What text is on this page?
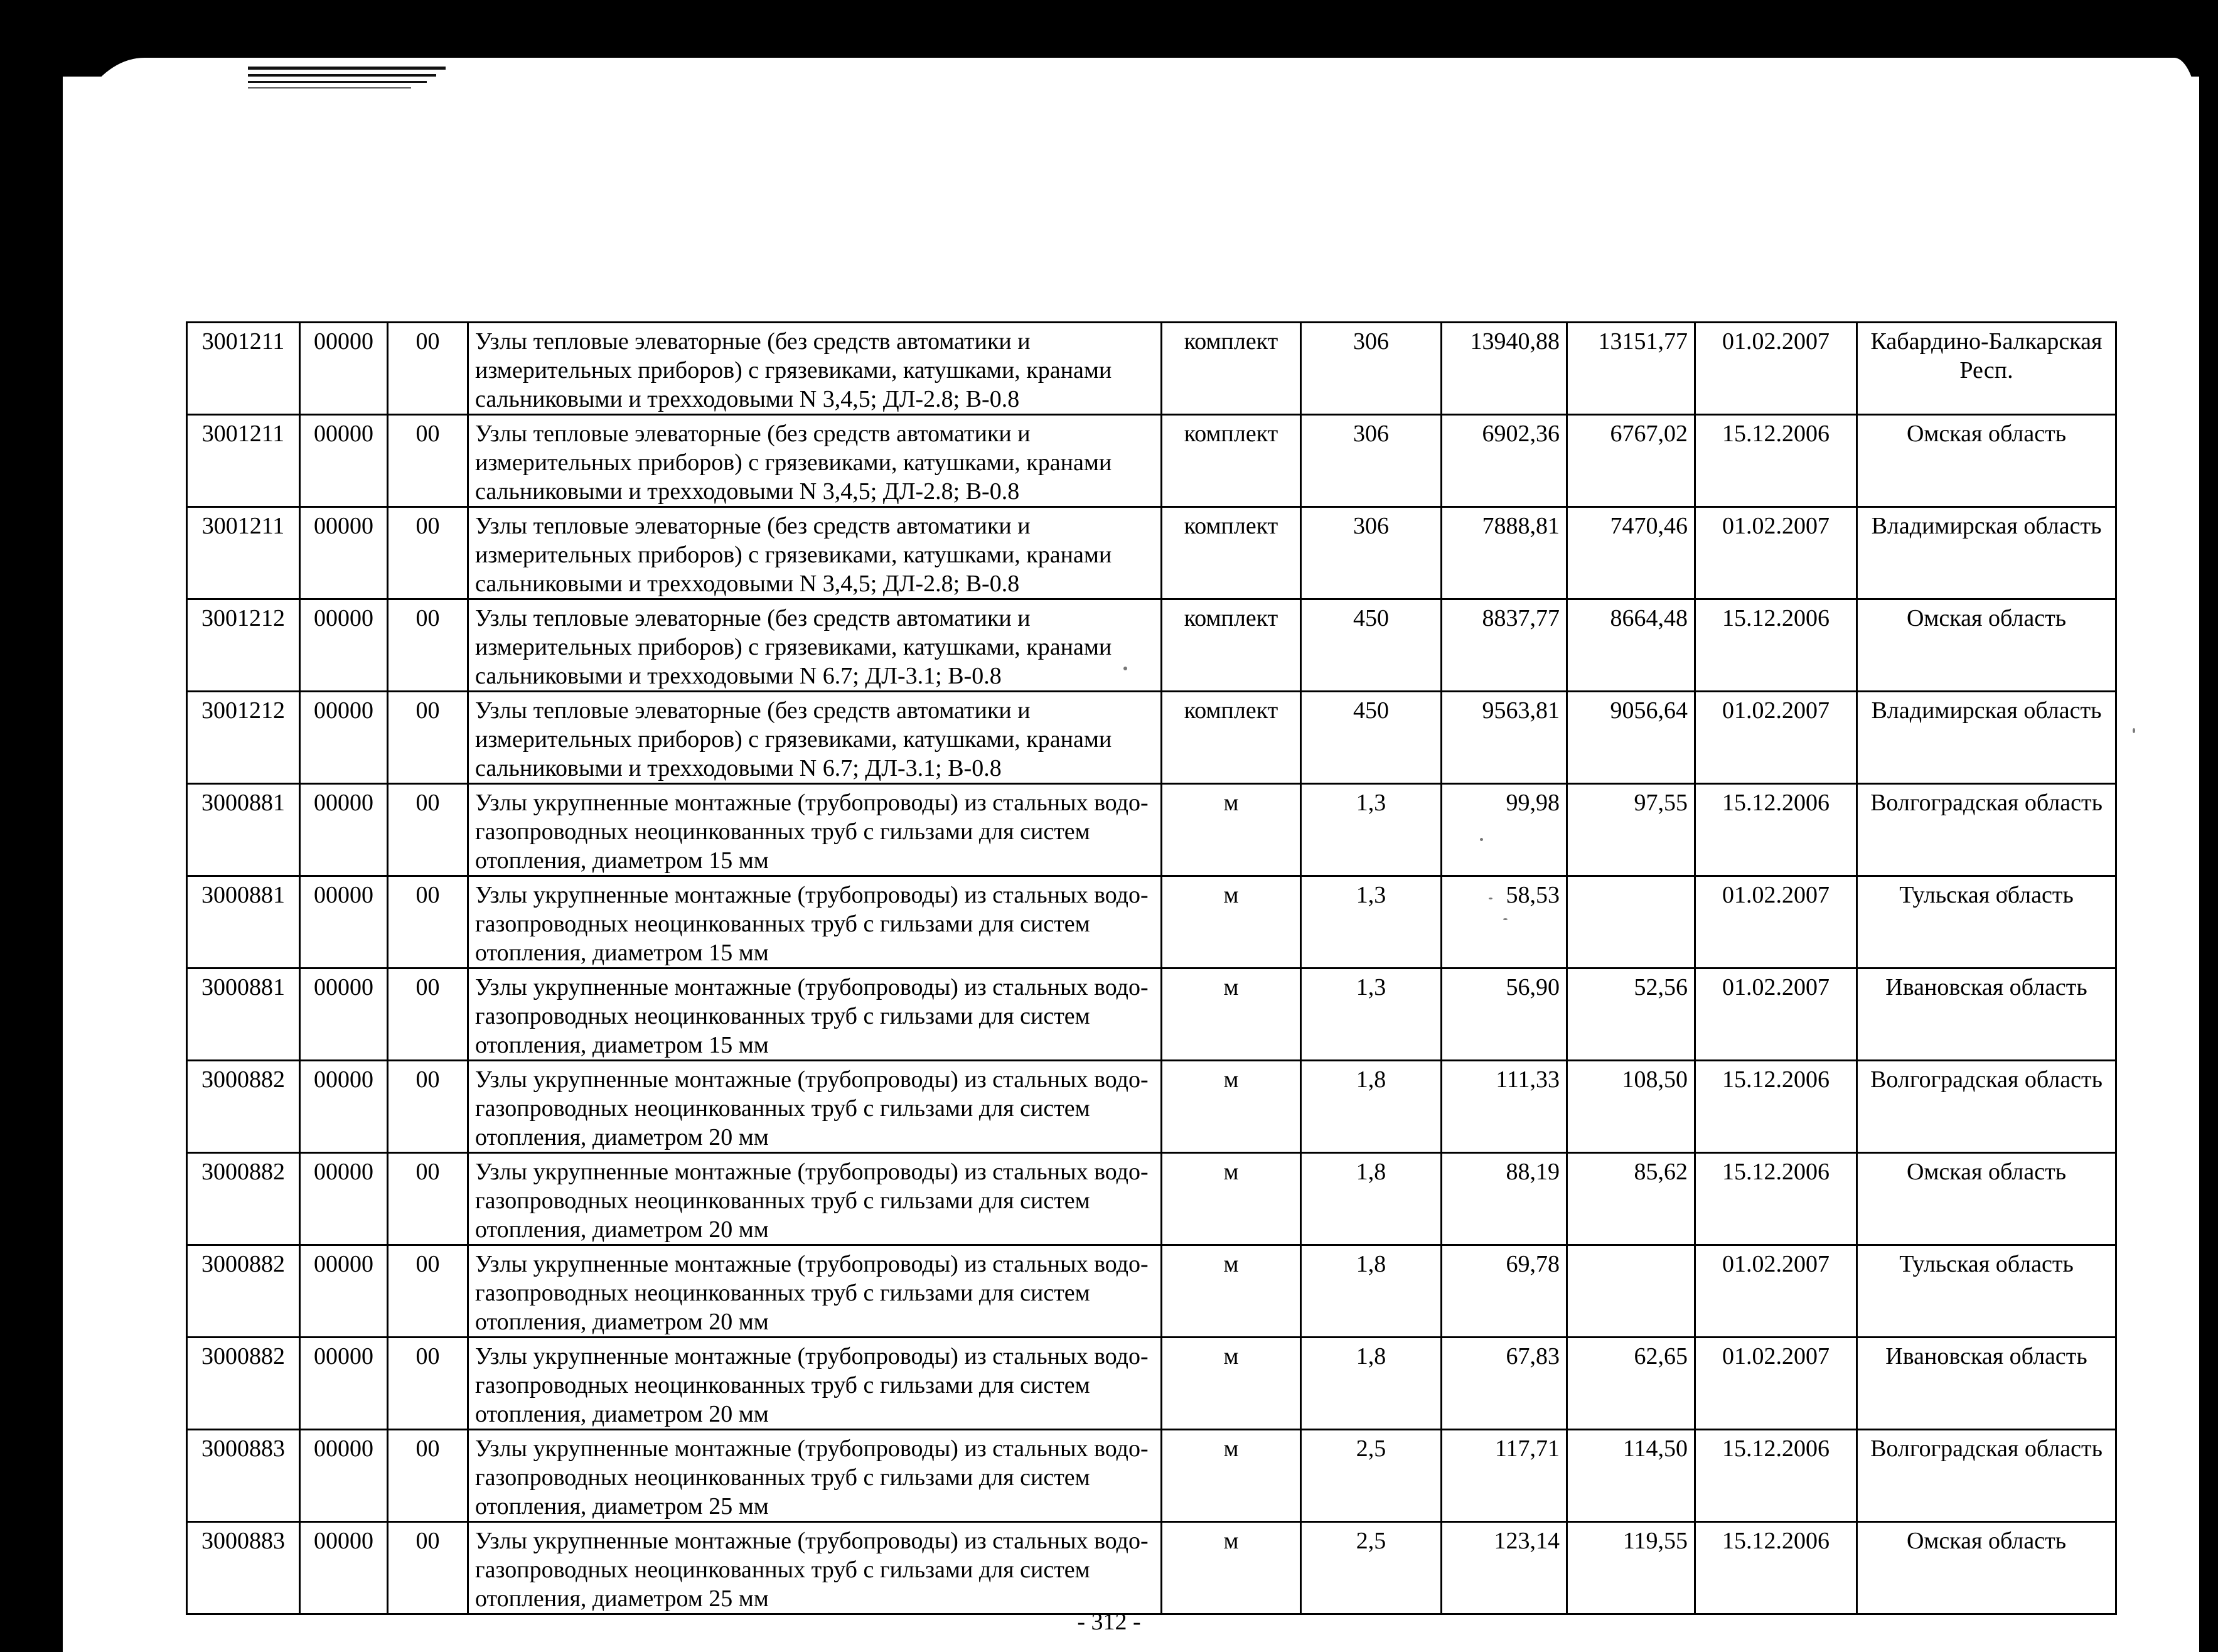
3001211	00000	00	Узлы тепловые элеваторные (без средств автоматики и измерительных приборов) с грязевиками, катушками, кранами сальниковыми и трехходовыми N 3,4,5; ДЛ-2.8; В-0.8	комплект	306	13940,88	13151,77	01.02.2007	Кабардино-Балкарская Респ.
3001211	00000	00	Узлы тепловые элеваторные (без средств автоматики и измерительных приборов) с грязевиками, катушками, кранами сальниковыми и трехходовыми N 3,4,5; ДЛ-2.8; В-0.8	комплект	306	6902,36	6767,02	15.12.2006	Омская область
3001211	00000	00	Узлы тепловые элеваторные (без средств автоматики и измерительных приборов) с грязевиками, катушками, кранами сальниковыми и трехходовыми N 3,4,5; ДЛ-2.8; В-0.8	комплект	306	7888,81	7470,46	01.02.2007	Владимирская область
3001212	00000	00	Узлы тепловые элеваторные (без средств автоматики и измерительных приборов) с грязевиками, катушками, кранами сальниковыми и трехходовыми N 6.7; ДЛ-3.1; В-0.8	комплект	450	8837,77	8664,48	15.12.2006	Омская область
3001212	00000	00	Узлы тепловые элеваторные (без средств автоматики и измерительных приборов) с грязевиками, катушками, кранами сальниковыми и трехходовыми N 6.7; ДЛ-3.1; В-0.8	комплект	450	9563,81	9056,64	01.02.2007	Владимирская область
3000881	00000	00	Узлы укрупненные монтажные (трубопроводы) из стальных водо-газопроводных неоцинкованных труб с гильзами для систем отопления, диаметром 15 мм	м	1,3	99,98	97,55	15.12.2006	Волгоградская область
3000881	00000	00	Узлы укрупненные монтажные (трубопроводы) из стальных водо-газопроводных неоцинкованных труб с гильзами для систем отопления, диаметром 15 мм	м	1,3	58,53		01.02.2007	Тульская область
3000881	00000	00	Узлы укрупненные монтажные (трубопроводы) из стальных водо-газопроводных неоцинкованных труб с гильзами для систем отопления, диаметром 15 мм	м	1,3	56,90	52,56	01.02.2007	Ивановская область
3000882	00000	00	Узлы укрупненные монтажные (трубопроводы) из стальных водо-газопроводных неоцинкованных труб с гильзами для систем отопления, диаметром 20 мм	м	1,8	111,33	108,50	15.12.2006	Волгоградская область
3000882	00000	00	Узлы укрупненные монтажные (трубопроводы) из стальных водо-газопроводных неоцинкованных труб с гильзами для систем отопления, диаметром 20 мм	м	1,8	88,19	85,62	15.12.2006	Омская область
3000882	00000	00	Узлы укрупненные монтажные (трубопроводы) из стальных водо-газопроводных неоцинкованных труб с гильзами для систем отопления, диаметром 20 мм	м	1,8	69,78		01.02.2007	Тульская область
3000882	00000	00	Узлы укрупненные монтажные (трубопроводы) из стальных водо-газопроводных неоцинкованных труб с гильзами для систем отопления, диаметром 20 мм	м	1,8	67,83	62,65	01.02.2007	Ивановская область
3000883	00000	00	Узлы укрупненные монтажные (трубопроводы) из стальных водо-газопроводных неоцинкованных труб с гильзами для систем отопления, диаметром 25 мм	м	2,5	117,71	114,50	15.12.2006	Волгоградская область
3000883	00000	00	Узлы укрупненные монтажные (трубопроводы) из стальных водо-газопроводных неоцинкованных труб с гильзами для систем отопления, диаметром 25 мм	м	2,5	123,14	119,55	15.12.2006	Омская область
- 312 -
